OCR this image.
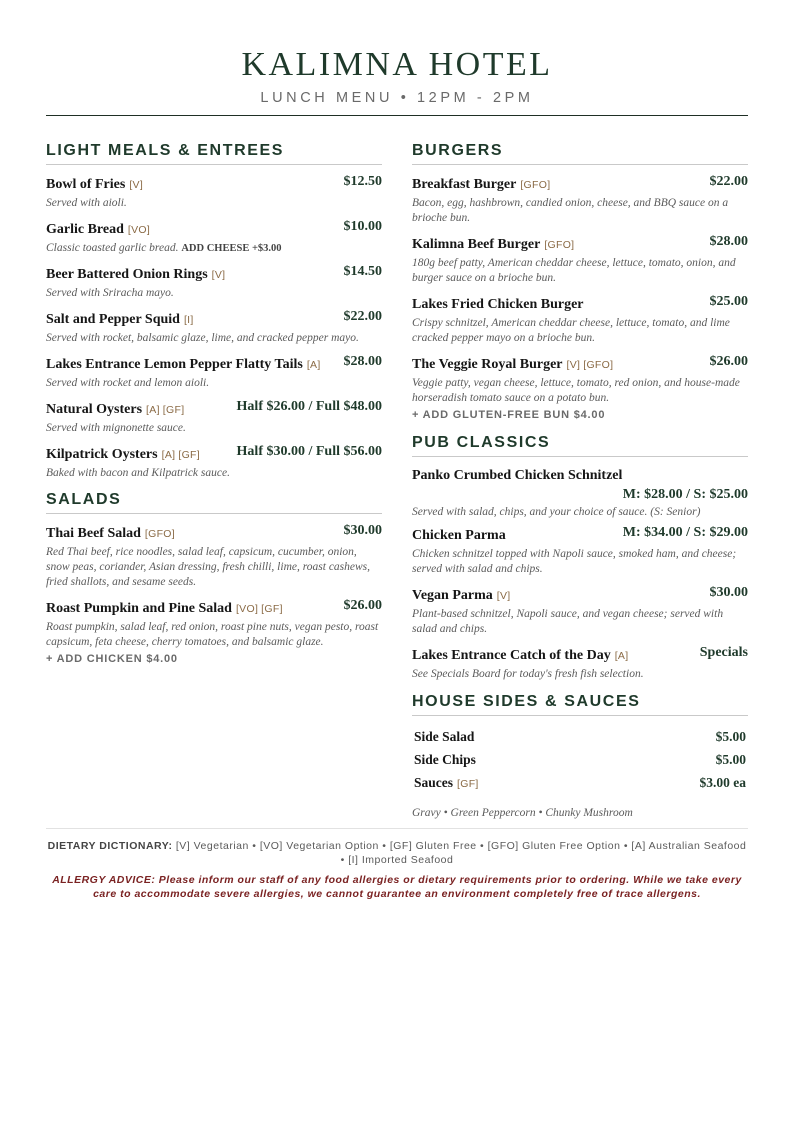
KALIMNA HOTEL
LUNCH MENU • 12PM - 2PM
LIGHT MEALS & ENTREES
Bowl of Fries [V]	$12.50
Served with aioli.
Garlic Bread [VO]	$10.00
Classic toasted garlic bread. ADD CHEESE +$3.00
Beer Battered Onion Rings [V]	$14.50
Served with Sriracha mayo.
Salt and Pepper Squid [I]	$22.00
Served with rocket, balsamic glaze, lime, and cracked pepper mayo.
Lakes Entrance Lemon Pepper Flatty Tails [A]	$28.00
Served with rocket and lemon aioli.
Natural Oysters [A] [GF]	Half $26.00 / Full $48.00
Served with mignonette sauce.
Kilpatrick Oysters [A] [GF]	Half $30.00 / Full $56.00
Baked with bacon and Kilpatrick sauce.
SALADS
Thai Beef Salad [GFO]	$30.00
Red Thai beef, rice noodles, salad leaf, capsicum, cucumber, onion, snow peas, coriander, Asian dressing, fresh chilli, lime, roast cashews, fried shallots, and sesame seeds.
Roast Pumpkin and Pine Salad [VO] [GF]	$26.00
Roast pumpkin, salad leaf, red onion, roast pine nuts, vegan pesto, roast capsicum, feta cheese, cherry tomatoes, and balsamic glaze.
+ ADD CHICKEN $4.00
BURGERS
Breakfast Burger [GFO]	$22.00
Bacon, egg, hashbrown, candied onion, cheese, and BBQ sauce on a brioche bun.
Kalimna Beef Burger [GFO]	$28.00
180g beef patty, American cheddar cheese, lettuce, tomato, onion, and burger sauce on a brioche bun.
Lakes Fried Chicken Burger	$25.00
Crispy schnitzel, American cheddar cheese, lettuce, tomato, and lime cracked pepper mayo on a brioche bun.
The Veggie Royal Burger [V] [GFO]	$26.00
Veggie patty, vegan cheese, lettuce, tomato, red onion, and house-made horseradish tomato sauce on a potato bun.
+ ADD GLUTEN-FREE BUN $4.00
PUB CLASSICS
Panko Crumbed Chicken Schnitzel
M: $28.00 / S: $25.00
Served with salad, chips, and your choice of sauce. (S: Senior)
Chicken Parma	M: $34.00 / S: $29.00
Chicken schnitzel topped with Napoli sauce, smoked ham, and cheese; served with salad and chips.
Vegan Parma [V]	$30.00
Plant-based schnitzel, Napoli sauce, and vegan cheese; served with salad and chips.
Lakes Entrance Catch of the Day [A]	Specials
See Specials Board for today's fresh fish selection.
HOUSE SIDES & SAUCES
Side Salad	$5.00
Side Chips	$5.00
Sauces [GF]	$3.00 ea
Gravy • Green Peppercorn • Chunky Mushroom
DIETARY DICTIONARY: [V] Vegetarian • [VO] Vegetarian Option • [GF] Gluten Free • [GFO] Gluten Free Option • [A] Australian Seafood • [I] Imported Seafood
ALLERGY ADVICE: Please inform our staff of any food allergies or dietary requirements prior to ordering. While we take every care to accommodate severe allergies, we cannot guarantee an environment completely free of trace allergens.
